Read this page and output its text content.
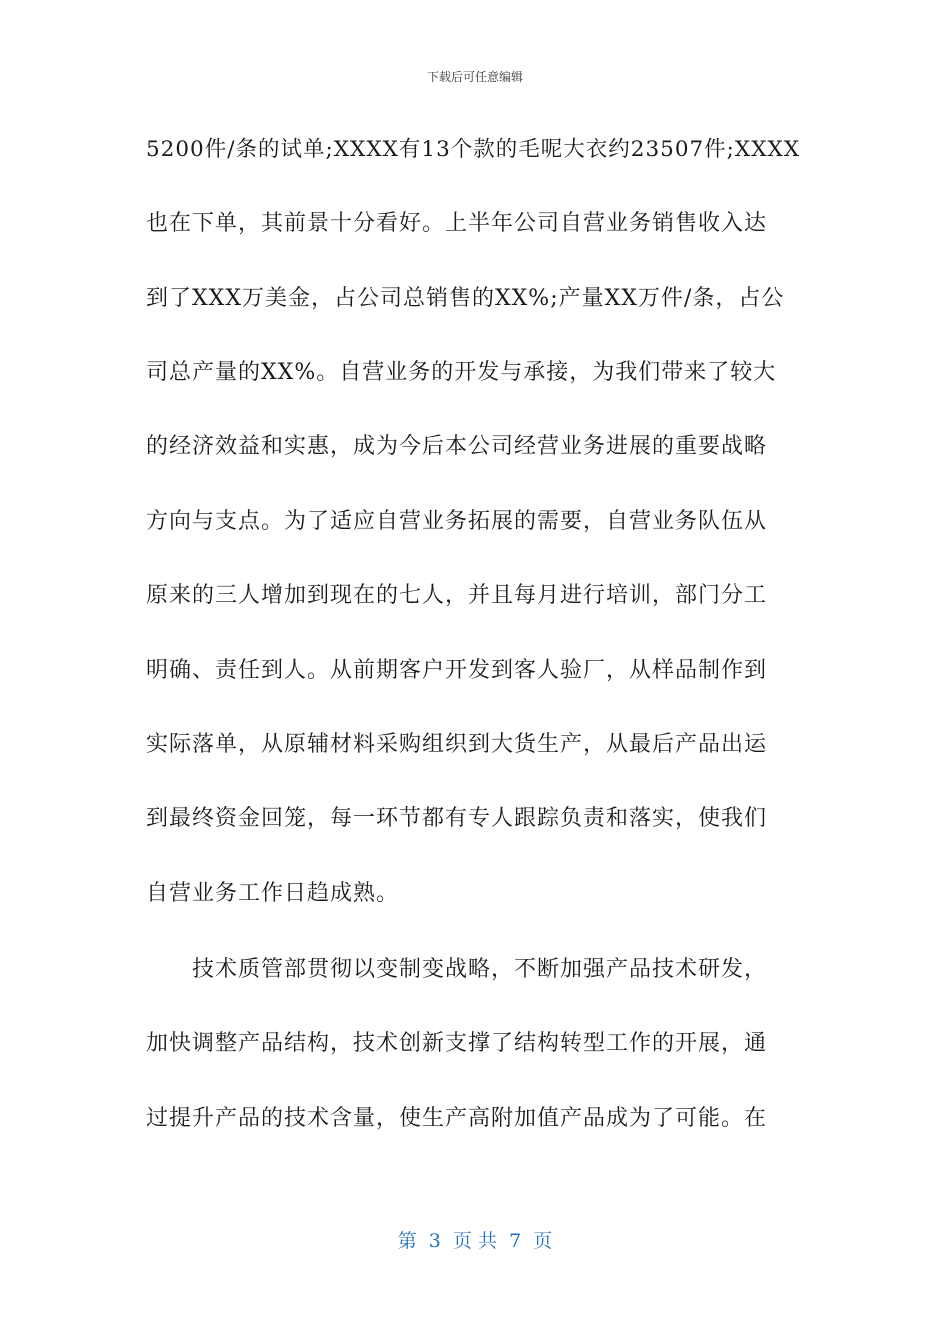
下载后可任意编辑
5200件/条的试单;XXXX有13个款的毛呢大衣约23507件;XXXX
也在下单，其前景十分看好。上半年公司自营业务销售收入达
到了XXX万美金，占公司总销售的XX%;产量XX万件/条，占公
司总产量的XX%。自营业务的开发与承接，为我们带来了较大
的经济效益和实惠，成为今后本公司经营业务进展的重要战略
方向与支点。为了适应自营业务拓展的需要，自营业务队伍从
原来的三人增加到现在的七人，并且每月进行培训，部门分工
明确、责任到人。从前期客户开发到客人验厂，从样品制作到
实际落单，从原辅材料采购组织到大货生产，从最后产品出运
到最终资金回笼，每一环节都有专人跟踪负责和落实，使我们
自营业务工作日趋成熟。
技术质管部贯彻以变制变战略，不断加强产品技术研发，
加快调整产品结构，技术创新支撑了结构转型工作的开展，通
过提升产品的技术含量，使生产高附加值产品成为了可能。在
第  3  页 共  7  页
